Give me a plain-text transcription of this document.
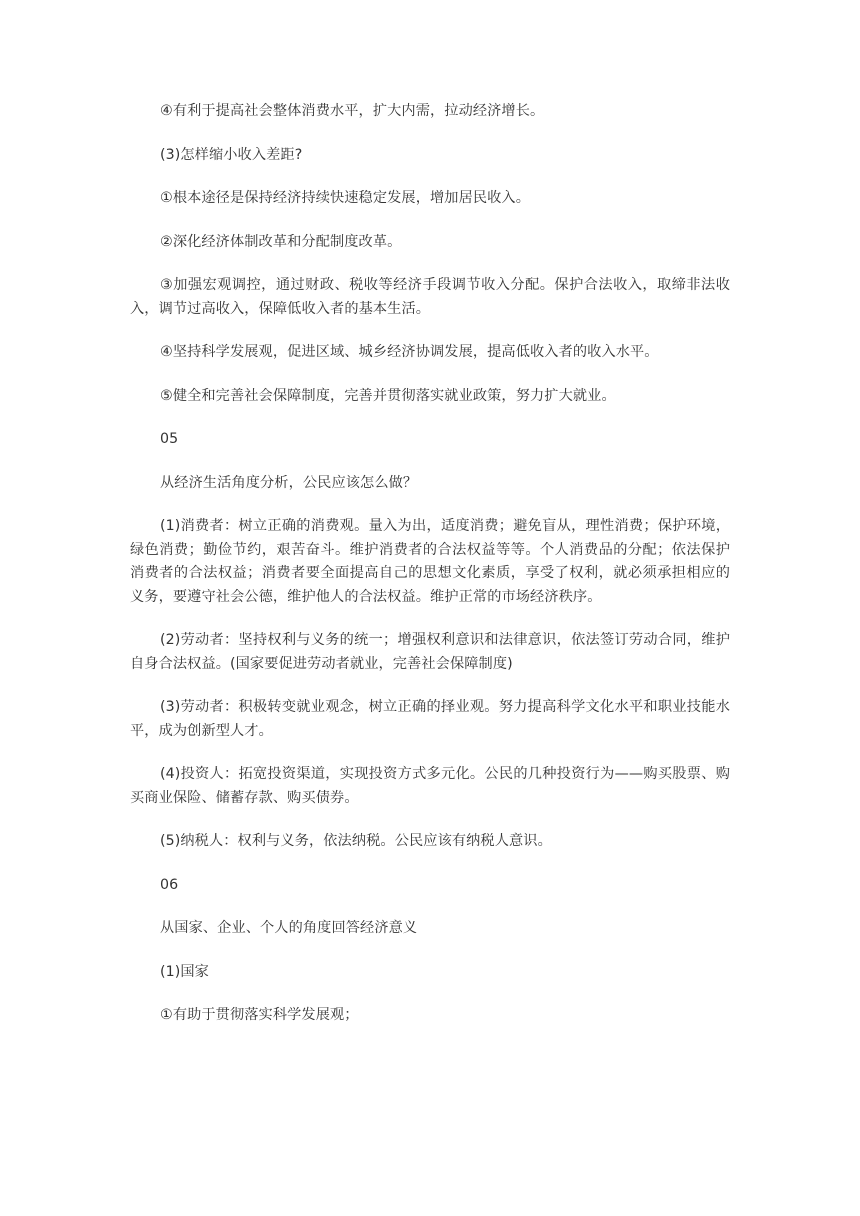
④有利于提高社会整体消费水平，扩大内需，拉动经济增长。

(3)怎样缩小收入差距?

①根本途径是保持经济持续快速稳定发展，增加居民收入。

②深化经济体制改革和分配制度改革。

③加强宏观调控，通过财政、税收等经济手段调节收入分配。保护合法收入，取缔非法收入，调节过高收入，保障低收入者的基本生活。

④坚持科学发展观，促进区域、城乡经济协调发展，提高低收入者的收入水平。

⑤健全和完善社会保障制度，完善并贯彻落实就业政策，努力扩大就业。

05

从经济生活角度分析，公民应该怎么做？

(1)消费者：树立正确的消费观。量入为出，适度消费；避免盲从，理性消费；保护环境，绿色消费；勤俭节约，艰苦奋斗。维护消费者的合法权益等等。个人消费品的分配；依法保护消费者的合法权益；消费者要全面提高自己的思想文化素质，享受了权利，就必须承担相应的义务，要遵守社会公德，维护他人的合法权益。维护正常的市场经济秩序。

(2)劳动者：坚持权利与义务的统一；增强权利意识和法律意识，依法签订劳动合同，维护自身合法权益。(国家要促进劳动者就业，完善社会保障制度)

(3)劳动者：积极转变就业观念，树立正确的择业观。努力提高科学文化水平和职业技能水平，成为创新型人才。

(4)投资人：拓宽投资渠道，实现投资方式多元化。公民的几种投资行为——购买股票、购买商业保险、储蓄存款、购买债券。

(5)纳税人：权利与义务，依法纳税。公民应该有纳税人意识。

06

从国家、企业、个人的角度回答经济意义

(1)国家

①有助于贯彻落实科学发展观；
